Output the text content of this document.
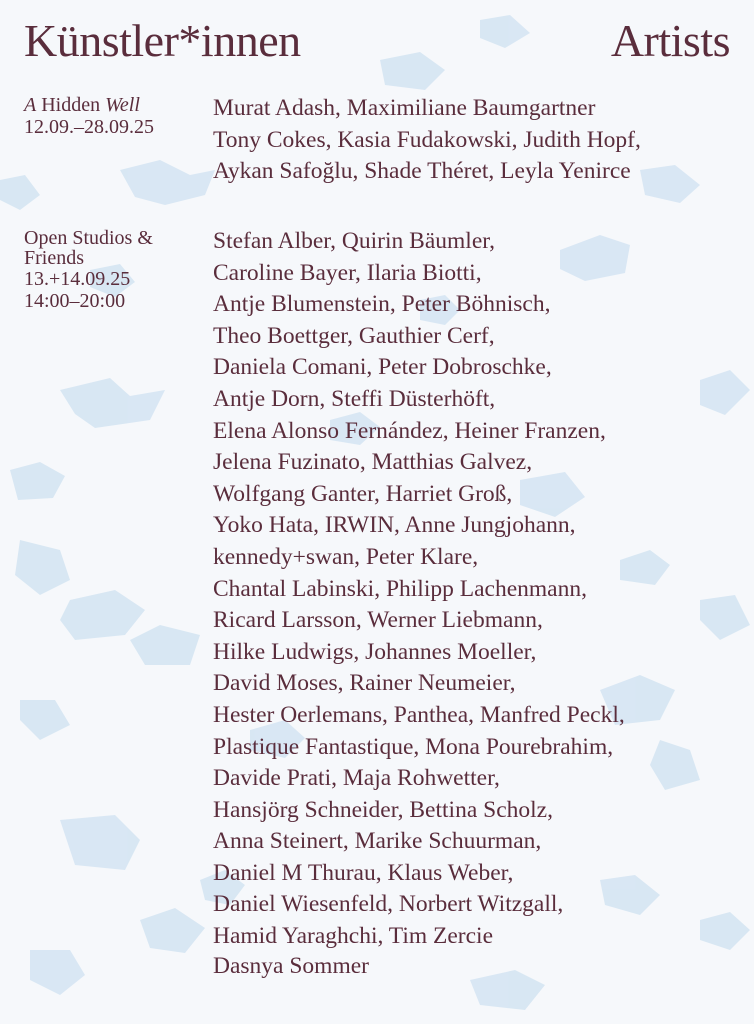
Künstler*innen	Artists
A Hidden Well
12.09.–28.09.25
Murat Adash, Maximiliane Baumgartner
Tony Cokes, Kasia Fudakowski, Judith Hopf,
Aykan Safoğlu, Shade Théret, Leyla Yenirce
Open Studios &
Friends
13.+14.09.25
14:00–20:00
Stefan Alber, Quirin Bäumler,
Caroline Bayer, Ilaria Biotti,
Antje Blumenstein, Peter Böhnisch,
Theo Boettger, Gauthier Cerf,
Daniela Comani, Peter Dobroschke,
Antje Dorn, Steffi Düsterhöft,
Elena Alonso Fernández, Heiner Franzen,
Jelena Fuzinato, Matthias Galvez,
Wolfgang Ganter, Harriet Groß,
Yoko Hata, IRWIN, Anne Jungjohann,
kennedy+swan, Peter Klare,
Chantal Labinski, Philipp Lachenmann,
Ricard Larsson, Werner Liebmann,
Hilke Ludwigs, Johannes Moeller,
David Moses, Rainer Neumeier,
Hester Oerlemans, Panthea, Manfred Peckl,
Plastique Fantastique, Mona Pourebrahim,
Davide Prati, Maja Rohwetter,
Hansjörg Schneider, Bettina Scholz,
Anna Steinert, Marike Schuurman,
Daniel M Thurau, Klaus Weber,
Daniel Wiesenfeld, Norbert Witzgall,
Hamid Yaraghchi, Tim Zercie
Dasnya Sommer
